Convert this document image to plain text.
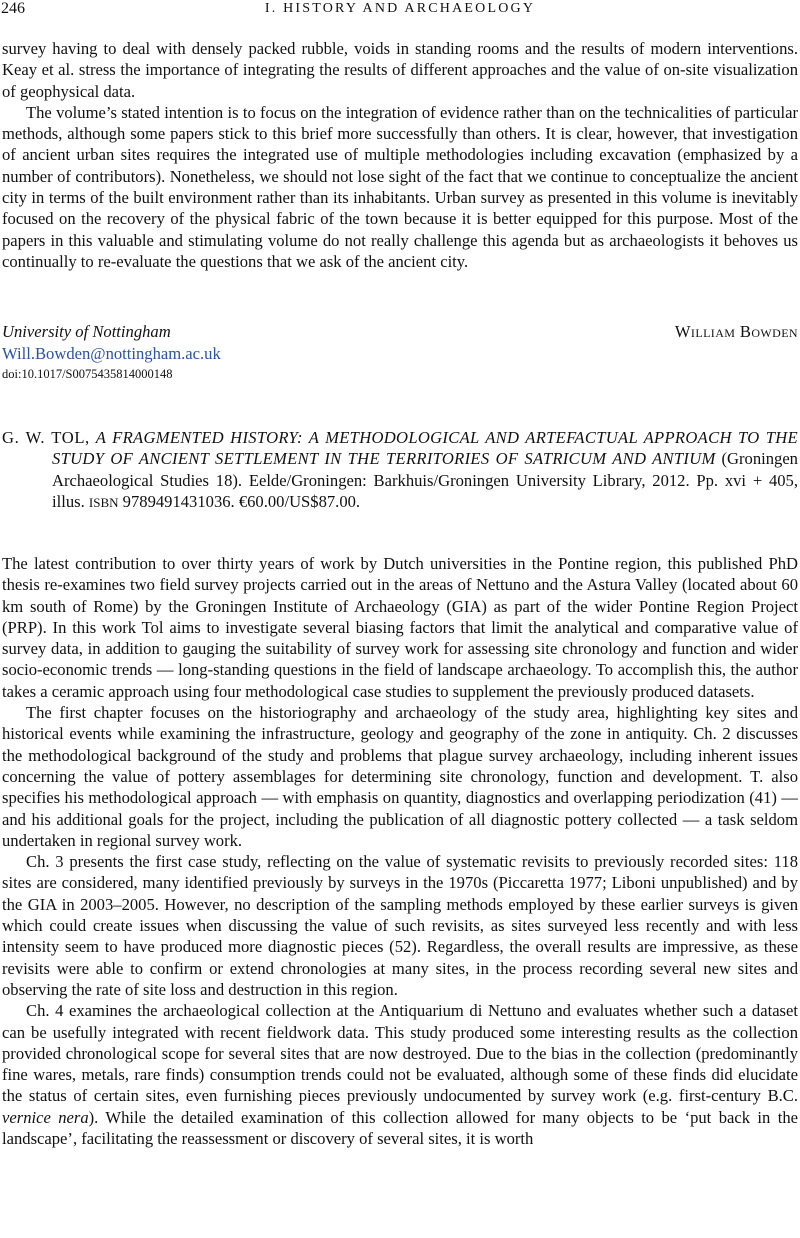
246	I. HISTORY AND ARCHAEOLOGY

survey having to deal with densely packed rubble, voids in standing rooms and the results of modern interventions. Keay et al. stress the importance of integrating the results of different approaches and the value of on-site visualization of geophysical data.

The volume’s stated intention is to focus on the integration of evidence rather than on the technicalities of particular methods, although some papers stick to this brief more successfully than others. It is clear, however, that investigation of ancient urban sites requires the integrated use of multiple methodologies including excavation (emphasized by a number of contributors). Nonetheless, we should not lose sight of the fact that we continue to conceptualize the ancient city in terms of the built environment rather than its inhabitants. Urban survey as presented in this volume is inevitably focused on the recovery of the physical fabric of the town because it is better equipped for this purpose. Most of the papers in this valuable and stimulating volume do not really challenge this agenda but as archaeologists it behoves us continually to re-evaluate the questions that we ask of the ancient city.

University of Nottingham	William Bowden
Will.Bowden@nottingham.ac.uk
doi:10.1017/S0075435814000148
G. W. TOL, A FRAGMENTED HISTORY: A METHODOLOGICAL AND ARTEFACTUAL APPROACH TO THE STUDY OF ANCIENT SETTLEMENT IN THE TERRITORIES OF SATRICUM AND ANTIUM (Groningen Archaeological Studies 18). Eelde/Groningen: Barkhuis/Groningen University Library, 2012. Pp. xvi + 405, illus. ISBN 9789491431036. €60.00/US$87.00.

The latest contribution to over thirty years of work by Dutch universities in the Pontine region, this published PhD thesis re-examines two field survey projects carried out in the areas of Nettuno and the Astura Valley (located about 60 km south of Rome) by the Groningen Institute of Archaeology (GIA) as part of the wider Pontine Region Project (PRP). In this work Tol aims to investigate several biasing factors that limit the analytical and comparative value of survey data, in addition to gauging the suitability of survey work for assessing site chronology and function and wider socio-economic trends — long-standing questions in the field of landscape archaeology. To accomplish this, the author takes a ceramic approach using four methodological case studies to supplement the previously produced datasets.

The first chapter focuses on the historiography and archaeology of the study area, highlighting key sites and historical events while examining the infrastructure, geology and geography of the zone in antiquity. Ch. 2 discusses the methodological background of the study and problems that plague survey archaeology, including inherent issues concerning the value of pottery assemblages for determining site chronology, function and development. T. also specifies his methodological approach — with emphasis on quantity, diagnostics and overlapping periodization (41) — and his additional goals for the project, including the publication of all diagnostic pottery collected — a task seldom undertaken in regional survey work.

Ch. 3 presents the first case study, reflecting on the value of systematic revisits to previously recorded sites: 118 sites are considered, many identified previously by surveys in the 1970s (Piccaretta 1977; Liboni unpublished) and by the GIA in 2003–2005. However, no description of the sampling methods employed by these earlier surveys is given which could create issues when discussing the value of such revisits, as sites surveyed less recently and with less intensity seem to have produced more diagnostic pieces (52). Regardless, the overall results are impressive, as these revisits were able to confirm or extend chronologies at many sites, in the process recording several new sites and observing the rate of site loss and destruction in this region.

Ch. 4 examines the archaeological collection at the Antiquarium di Nettuno and evaluates whether such a dataset can be usefully integrated with recent fieldwork data. This study produced some interesting results as the collection provided chronological scope for several sites that are now destroyed. Due to the bias in the collection (predominantly fine wares, metals, rare finds) consumption trends could not be evaluated, although some of these finds did elucidate the status of certain sites, even furnishing pieces previously undocumented by survey work (e.g. first-century B.C. vernice nera). While the detailed examination of this collection allowed for many objects to be ‘put back in the landscape’, facilitating the reassessment or discovery of several sites, it is worth
